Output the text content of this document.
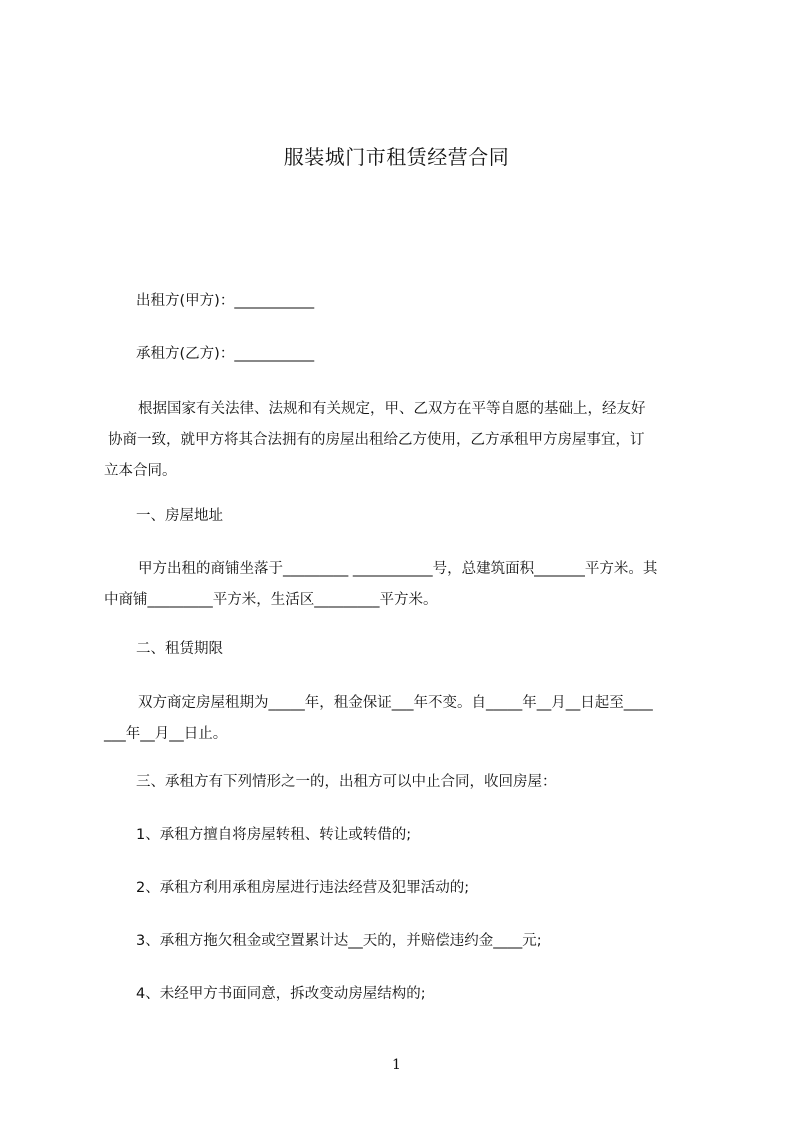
服装城门市租赁经营合同
出租方(甲方)：___________
承租方(乙方)：___________
根据国家有关法律、法规和有关规定，甲、乙双方在平等自愿的基础上，经友好
协商一致，就甲方将其合法拥有的房屋出租给乙方使用，乙方承租甲方房屋事宜，订
立本合同。
一、房屋地址
甲方出租的商铺坐落于_________ ___________号，总建筑面积_______平方米。其
中商铺_________平方米，生活区_________平方米。
二、租赁期限
双方商定房屋租期为_____年，租金保证___年不变。自_____年__月__日起至____
___年__月__日止。
三、承租方有下列情形之一的，出租方可以中止合同，收回房屋：
1、承租方擅自将房屋转租、转让或转借的;
2、承租方利用承租房屋进行违法经营及犯罪活动的;
3、承租方拖欠租金或空置累计达__天的，并赔偿违约金____元;
4、未经甲方书面同意，拆改变动房屋结构的;
1
